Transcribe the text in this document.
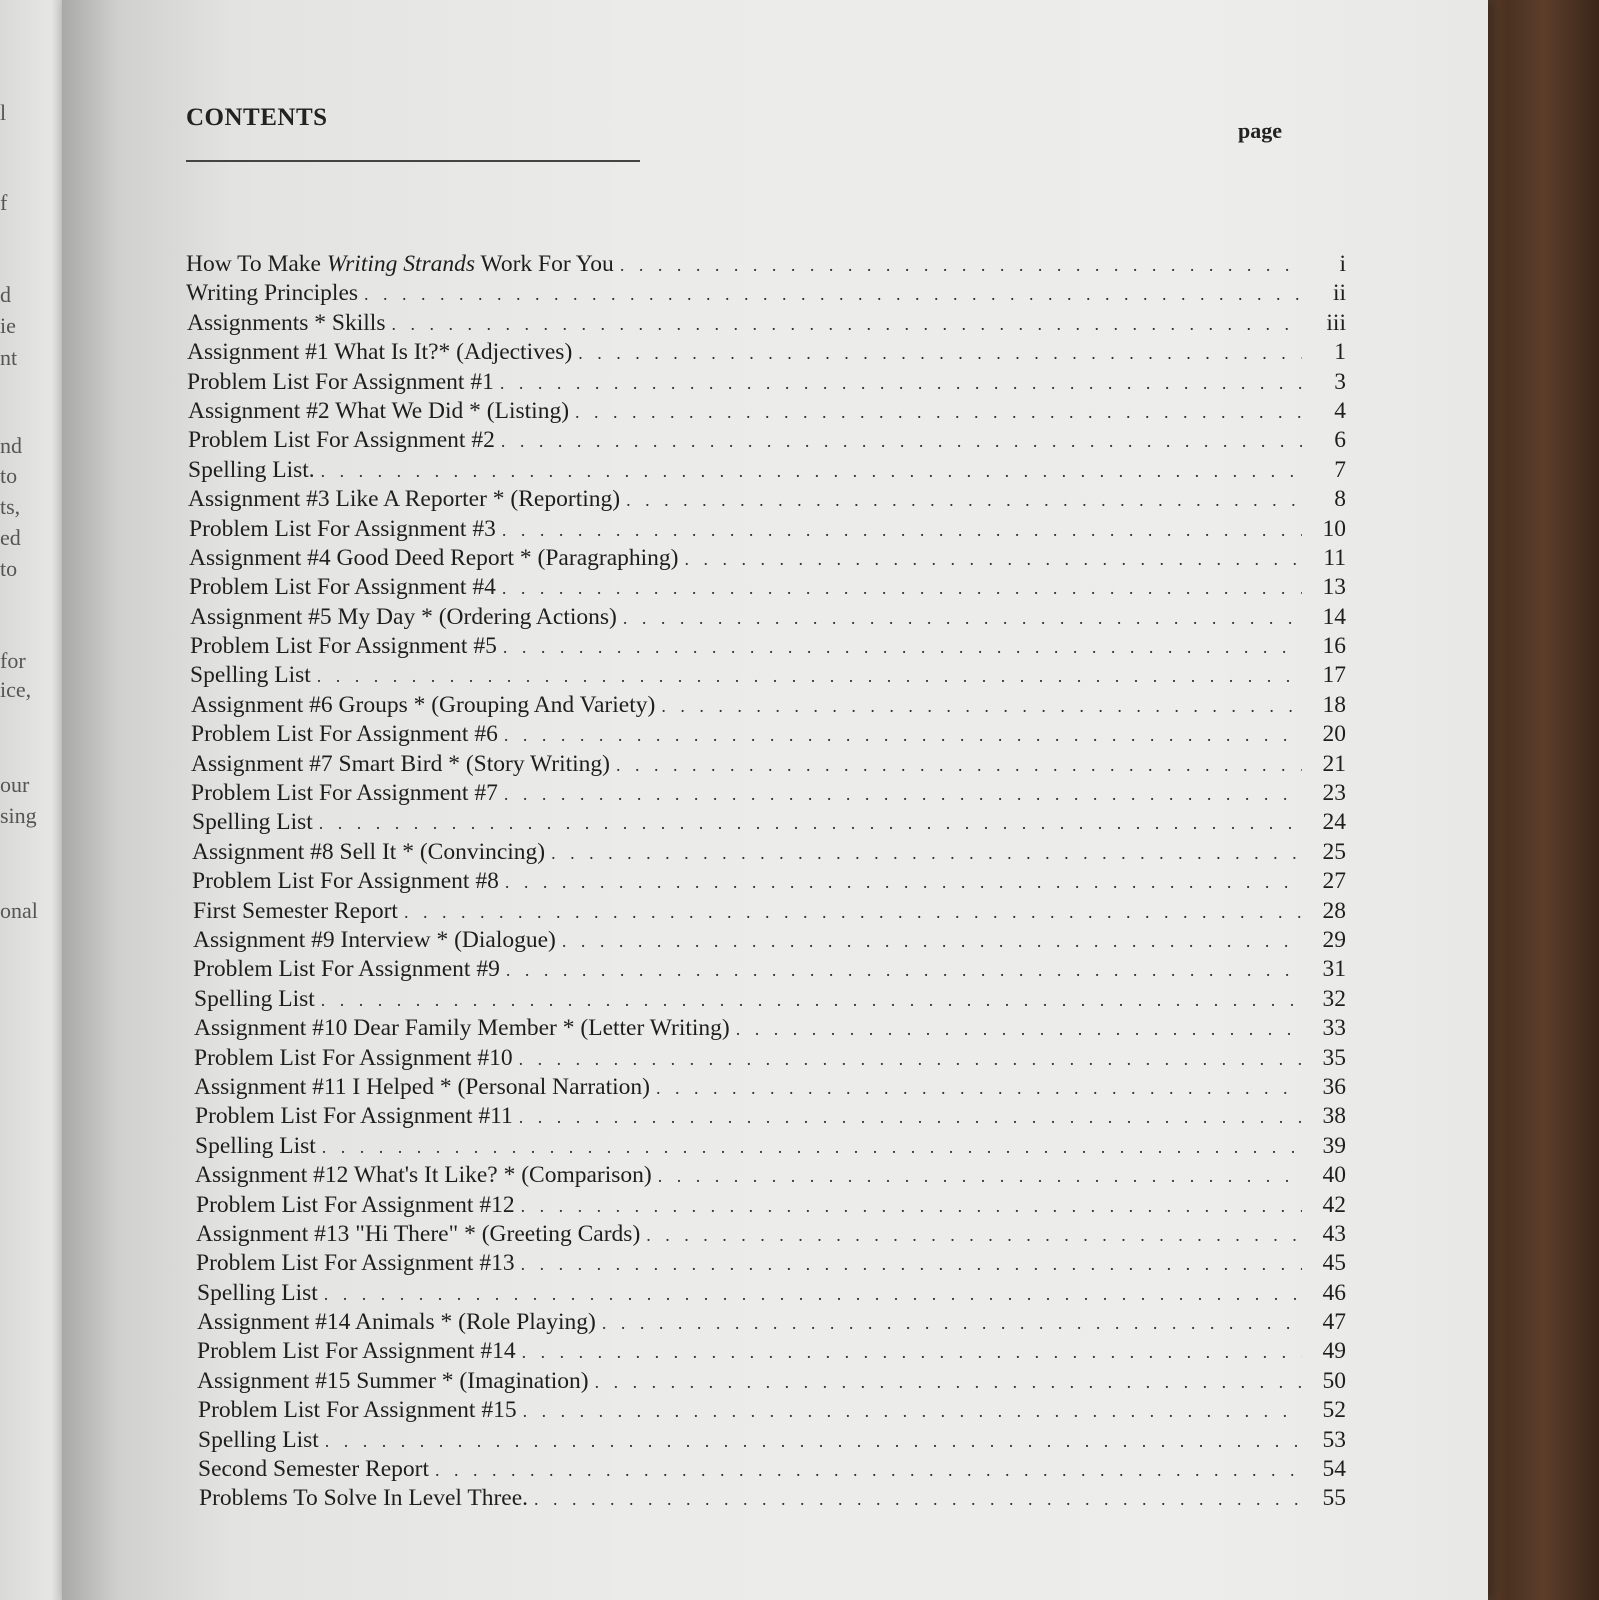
l
f
d
ie
nt
nd
to
ts,
ed
to
for
ice,
our
sing
onal
CONTENTS	page
How To Make Writing Strands Work For You . . .	i
Writing Principles . . .	ii
Assignments * Skills . . .	iii
Assignment #1 What Is It?* (Adjectives) . . .	1
Problem List For Assignment #1 . . .	3
Assignment #2 What We Did * (Listing) . . .	4
Problem List For Assignment #2 . . .	6
Spelling List. . . .	7
Assignment #3 Like A Reporter * (Reporting) . . .	8
Problem List For Assignment #3 . . .	10
Assignment #4 Good Deed Report * (Paragraphing) . . .	11
Problem List For Assignment #4 . . .	13
Assignment #5 My Day * (Ordering Actions) . . .	14
Problem List For Assignment #5 . . .	16
Spelling List . . .	17
Assignment #6 Groups * (Grouping And Variety) . . .	18
Problem List For Assignment #6 . . .	20
Assignment #7 Smart Bird * (Story Writing) . . .	21
Problem List For Assignment #7 . . .	23
Spelling List . . .	24
Assignment #8 Sell It * (Convincing) . . .	25
Problem List For Assignment #8 . . .	27
First Semester Report . . .	28
Assignment #9 Interview * (Dialogue) . . .	29
Problem List For Assignment #9 . . .	31
Spelling List . . .	32
Assignment #10 Dear Family Member * (Letter Writing) . . .	33
Problem List For Assignment #10 . . .	35
Assignment #11 I Helped * (Personal Narration) . . .	36
Problem List For Assignment #11 . . .	38
Spelling List . . .	39
Assignment #12 What's It Like? * (Comparison) . . .	40
Problem List For Assignment #12 . . .	42
Assignment #13 "Hi There" * (Greeting Cards) . . .	43
Problem List For Assignment #13 . . .	45
Spelling List . . .	46
Assignment #14 Animals * (Role Playing) . . .	47
Problem List For Assignment #14 . . .	49
Assignment #15 Summer * (Imagination) . . .	50
Problem List For Assignment #15 . . .	52
Spelling List . . .	53
Second Semester Report . . .	54
Problems To Solve In Level Three. . . .	55
